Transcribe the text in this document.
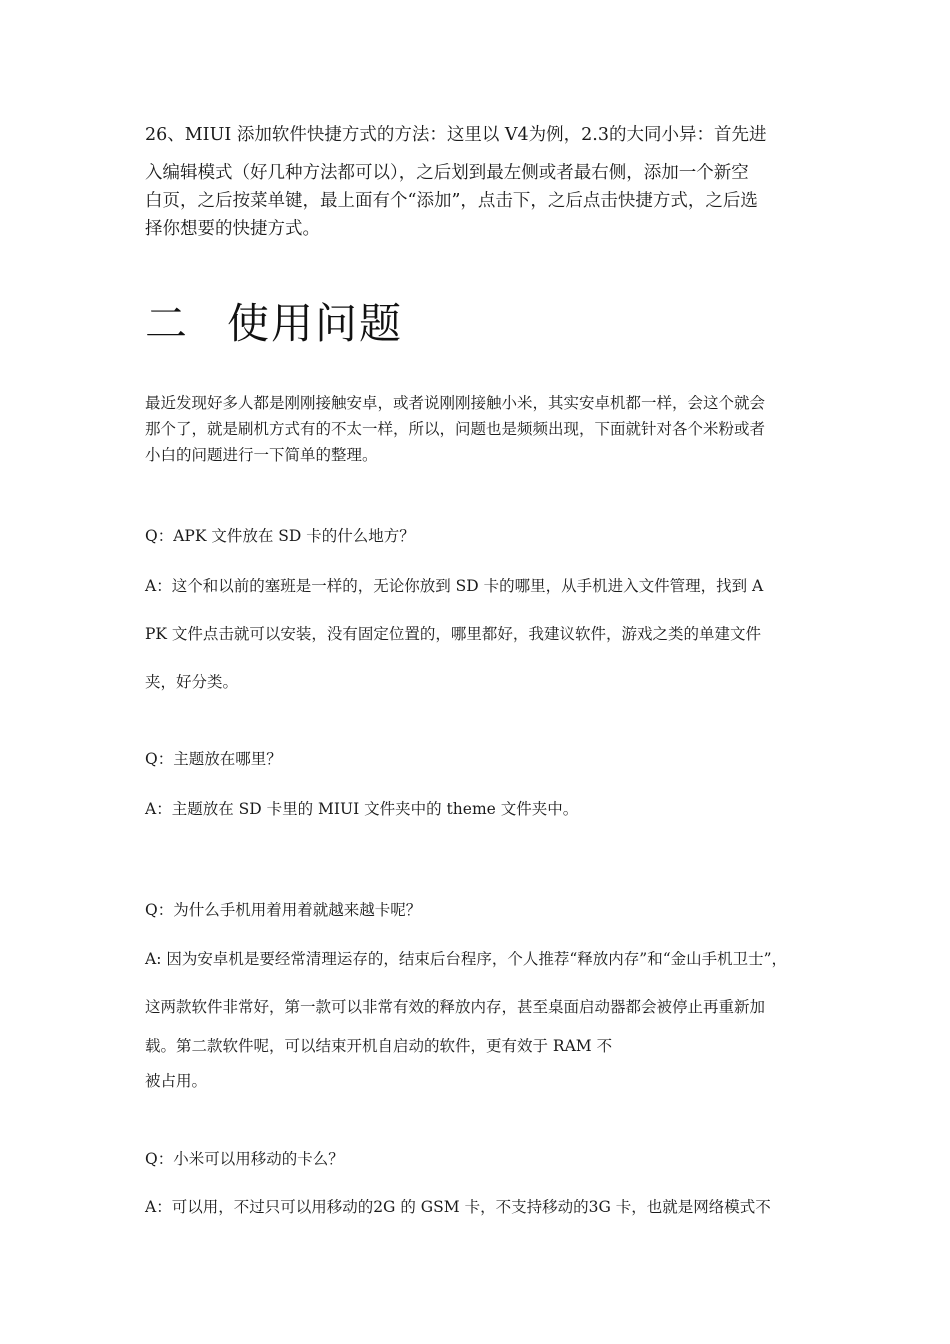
26、MIUI 添加软件快捷方式的方法：这里以 V4为例，2.3的大同小异：首先进
入编辑模式（好几种方法都可以），之后划到最左侧或者最右侧，添加一个新空
白页，之后按菜单键，最上面有个“添加”，点击下，之后点击快捷方式，之后选
择你想要的快捷方式。
二 使用问题
最近发现好多人都是刚刚接触安卓，或者说刚刚接触小米，其实安卓机都一样，会这个就会
那个了，就是刷机方式有的不太一样，所以，问题也是频频出现，下面就针对各个米粉或者
小白的问题进行一下简单的整理。
Q：APK 文件放在 SD 卡的什么地方？
A：这个和以前的塞班是一样的，无论你放到 SD 卡的哪里，从手机进入文件管理，找到 A
PK 文件点击就可以安装，没有固定位置的，哪里都好，我建议软件，游戏之类的单建文件
夹，好分类。
Q：主题放在哪里？
A：主题放在 SD 卡里的 MIUI 文件夹中的 theme 文件夹中。
Q：为什么手机用着用着就越来越卡呢？
A: 因为安卓机是要经常清理运存的，结束后台程序，个人推荐“释放内存”和“金山手机卫士”，
这两款软件非常好，第一款可以非常有效的释放内存，甚至桌面启动器都会被停止再重新加
载。第二款软件呢，可以结束开机自启动的软件，更有效于 RAM 不
被占用。
Q：小米可以用移动的卡么？
A：可以用，不过只可以用移动的2G 的 GSM 卡，不支持移动的3G 卡，也就是网络模式不
